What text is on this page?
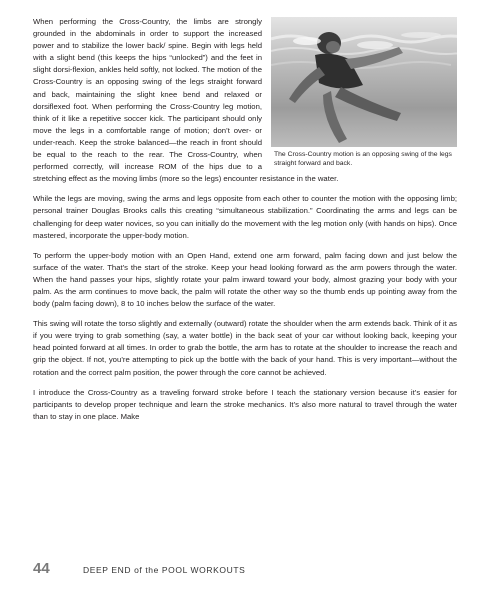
The Cross-Country motion is an opposing swing of the legs straight forward and back.

When performing the Cross-Country, the limbs are strongly grounded in the abdominals in order to support the increased power and to stabilize the lower back/ spine. Begin with legs held with a slight bend (this keeps the hips “unlocked”) and the feet in slight dorsi-flexion, ankles held softly, not locked. The motion of the Cross-Country is an opposing swing of the legs straight forward and back, maintaining the slight knee bend and relaxed or dorsiflexed foot. When performing the Cross-Country leg motion, think of it like a repetitive soccer kick. The participant should only move the legs in a comfortable range of motion; don’t over- or under-reach. Keep the stroke balanced—the reach in front should be equal to the reach to the rear. The Cross-Country, when performed correctly, will increase ROM of the hips due to a stretching effect as the moving limbs (more so the legs) encounter resistance in the water.

While the legs are moving, swing the arms and legs opposite from each other to counter the motion with the opposing limb; personal trainer Douglas Brooks calls this creating “simultaneous stabilization.” Coordinating the arms and legs can be challenging for deep water novices, so you can initially do the movement with the leg motion only (with hands on hips). Once mastered, incorporate the upper-body motion.

To perform the upper-body motion with an Open Hand, extend one arm forward, palm facing down and just below the surface of the water. That’s the start of the stroke. Keep your head looking forward as the arm powers through the water. When the hand passes your hips, slightly rotate your palm inward toward your body, almost grazing your body with your palm. As the arm continues to move back, the palm will rotate the other way so the thumb ends up pointing away from the body (palm facing down), 8 to 10 inches below the surface of the water.

This swing will rotate the torso slightly and externally (outward) rotate the shoulder when the arm extends back. Think of it as if you were trying to grab something (say, a water bottle) in the back seat of your car without looking back, keeping your head pointed forward at all times. In order to grab the bottle, the arm has to rotate at the shoulder to increase the reach and grip the object. If not, you’re attempting to pick up the bottle with the back of your hand. This is very important—without the rotation and the correct palm position, the power through the core cannot be achieved.

I introduce the Cross-Country as a traveling forward stroke before I teach the stationary version because it’s easier for participants to develop proper technique and learn the stroke mechanics. It’s also more natural to travel through the water than to stay in one place. Make

44	DEEP END of the POOL WORKOUTS
